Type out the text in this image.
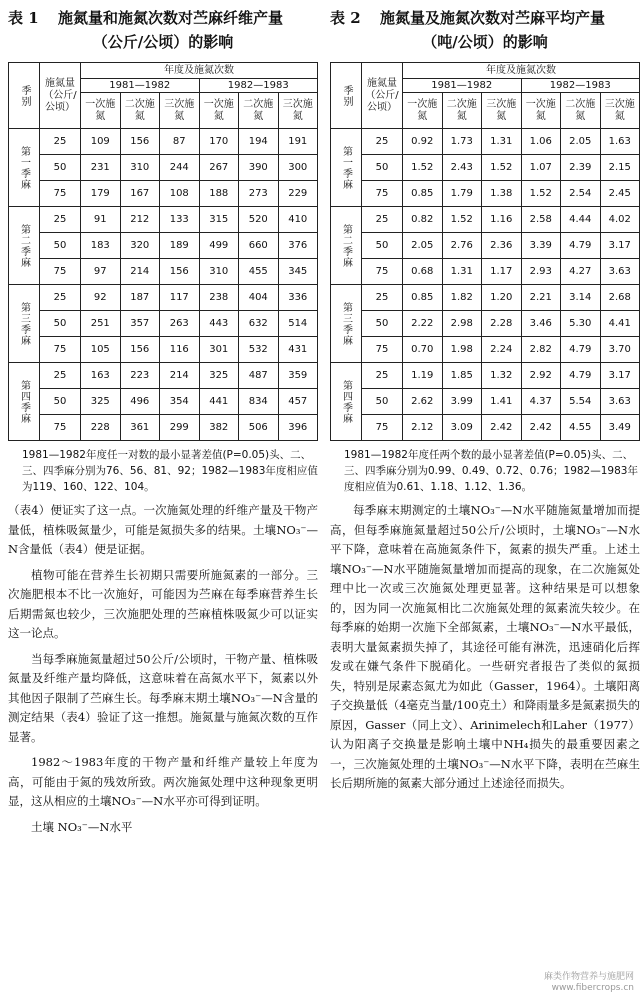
表 1 施氮量和施氮次数对苎麻纤维产量
（公斤/公顷）的影响
季别	施氮量（公斤/公顷）	年度及施氮次数					
		1981—1982			1982—1983		
		一次施氮	二次施氮	三次施氮	一次施氮	二次施氮	三次施氮
第一季麻	25	109	156	87	170	194	191
	50	231	310	244	267	390	300
	75	179	167	108	188	273	229
第二季麻	25	91	212	133	315	520	410
	50	183	320	189	499	660	376
	75	97	214	156	310	455	345
第三季麻	25	92	187	117	238	404	336
	50	251	357	263	443	632	514
	75	105	156	116	301	532	431
第四季麻	25	163	223	214	325	487	359
	50	325	496	354	441	834	457
	75	228	361	299	382	506	396
1981—1982年度任一对数的最小显著差值(P=0.05)头、二、三、四季麻分别为76、56、81、92；1982—1983年度相应值为119、160、122、104。

（表4）便证实了这一点。一次施氮处理的纤维产量及干物产量低，植株吸氮量少，可能是氮损失多的结果。土壤NO₃⁻—N含量低（表4）便是证据。

植物可能在营养生长初期只需要所施氮素的一部分。三次施肥根本不比一次施好，可能因为苎麻在每季麻营养生长后期需氮也较少，三次施肥处理的苎麻植株吸氮少可以证实这一论点。

当每季麻施氮量超过50公斤/公顷时，干物产量、植株吸氮量及纤维产量均降低，这意味着在高氮水平下，氮素以外其他因子限制了苎麻生长。每季麻末期土壤NO₃⁻—N含量的测定结果（表4）验证了这一推想。施氮量与施氮次数的互作显著。

1982～1983年度的干物产量和纤维产量较上年度为高，可能由于氮的残效所致。两次施氮处理中这种现象更明显，这从相应的土壤NO₃⁻—N水平亦可得到证明。

土壤 NO₃⁻—N水平

表 2 施氮量及施氮次数对苎麻平均产量
（吨/公顷）的影响
季别	施氮量（公斤/公顷）	年度及施氮次数					
		1981—1982			1982—1983		
		一次施氮	二次施氮	三次施氮	一次施氮	二次施氮	三次施氮
第一季麻	25	0.92	1.73	1.31	1.06	2.05	1.63
	50	1.52	2.43	1.52	1.07	2.39	2.15
	75	0.85	1.79	1.38	1.52	2.54	2.45
第二季麻	25	0.82	1.52	1.16	2.58	4.44	4.02
	50	2.05	2.76	2.36	3.39	4.79	3.17
	75	0.68	1.31	1.17	2.93	4.27	3.63
第三季麻	25	0.85	1.82	1.20	2.21	3.14	2.68
	50	2.22	2.98	2.28	3.46	5.30	4.41
	75	0.70	1.98	2.24	2.82	4.79	3.70
第四季麻	25	1.19	1.85	1.32	2.92	4.79	3.17
	50	2.62	3.99	1.41	4.37	5.54	3.63
	75	2.12	3.09	2.42	2.42	4.55	3.49
1981—1982年度任两个数的最小显著差值(P=0.05)头、二、三、四季麻分别为0.99、0.49、0.72、0.76；1982—1983年度相应值为0.61、1.18、1.12、1.36。

每季麻末期测定的土壤NO₃⁻—N水平随施氮量增加而提高，但每季麻施氮量超过50公斤/公顷时，土壤NO₃⁻—N水平下降，意味着在高施氮条件下，氮素的损失严重。上述土壤NO₃⁻—N水平随施氮量增加而提高的现象，在二次施氮处理中比一次或三次施氮处理更显著。这种结果是可以想象的，因为同一次施氮相比二次施氮处理的氮素流失较少。在每季麻的始期一次施下全部氮素，土壤NO₃⁻—N水平最低，表明大量氮素损失掉了，其途径可能有淋洗，迅速硝化后挥发或在嫌气条件下脱硝化。一些研究者报告了类似的氮损失，特别是尿素态氮尤为如此（Gasser，1964）。土壤阳离子交换量低（4毫克当量/100克土）和降雨量多是氮素损失的原因，Gasser（同上文）、Arinimelech和Laher（1977）认为阳离子交换量是影响土壤中NH₄损失的最重要因素之一，三次施氮处理的土壤NO₃⁻—N水平下降，表明在苎麻生长后期所施的氮素大部分通过上述途径而损失。

麻类作物营养与施肥网
www.fibercrops.cn
